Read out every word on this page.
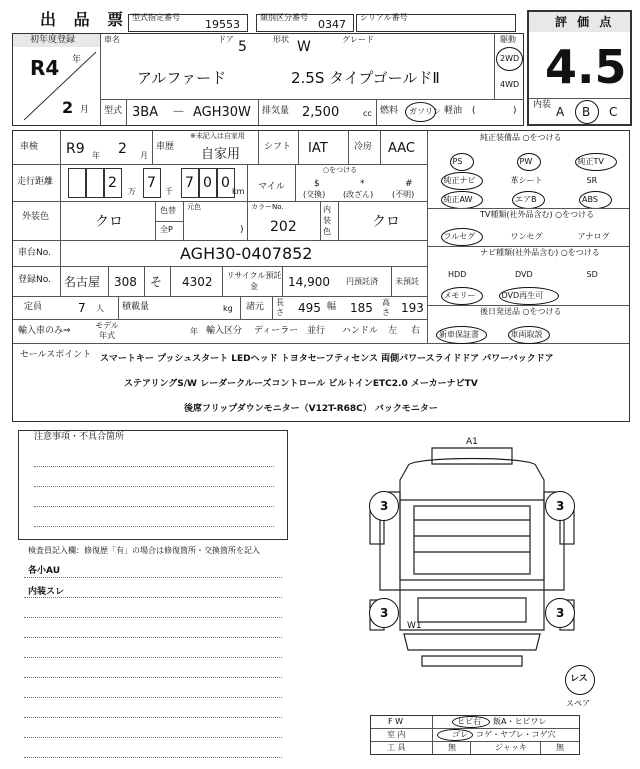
出 品 票 型式指定番号
19553
類別区分番号
0347
シリアル番号	評 価 点
4.5
内装 A B C
初年度登録
R4 年
2 月
車名	ドア 5	形状 W	グレード
アルファード	2.5S タイプゴールドⅡ
駆動
2WD
4WD
型式 3BA － AGH30W 排気量 2,500	cc 燃料 ガソリン 軽油 (	)
車検 R9 年 2 月
車歴
※未記入は自家用
自家用	シフト IAT	冷房 AAC
走行距離	2 7 7 0 0
万	千	km マイル
○をつける
$
(交換)
*
(改ざん)
#
(不明)
外装色	クロ
色替
全P
元色
)
カラーNo.
202
内装色
クロ
車台No.	AGH30-0407852
登録No. 名古屋 308 そ 4302 リサイクル預託金	14,900 円預託済 未預託
定員	7 人 積載量	kg 諸元 長さ 495 幅 185 高さ 193
輸入車のみ⇒
モデル年式	年 輸入区分 ディーラー 並行 ハンドル 左 右
純正装備品 ○をつける
PS	PW	純正TV
純正ナビ	革シート	SR
純正AW	エアB	ABS
TV種類(社外品含む) ○をつける
フルセグ	ワンセグ	アナログ
ナビ種類(社外品含む) ○をつける
HDD	DVD	SD
メモリー	DVD再生可
後日発送品 ○をつける
新車保証書	車両取説
セールスポイント スマートキー プッシュスタート LEDヘッド トヨタセーフティセンス 両側パワースライドドア パワーバックドア
ステアリングS/W レーダークルーズコントロール ビルトインETC2.0 メーカーナビTV
後席フリップダウンモニター（V12T-R68C） バックモニター
注意事項・不具合箇所
検査員記入欄：修復歴「有」の場合は修復箇所・交換箇所を記入
各小AU
内装スレ
A1
W1
3	3
3	3
レス
スペア
F W	ヒビ右 飯A・ヒビワレ
室 内	ゴレ コゲ・ヤブレ・コゲ穴
工 具	無	ジャッキ	無
